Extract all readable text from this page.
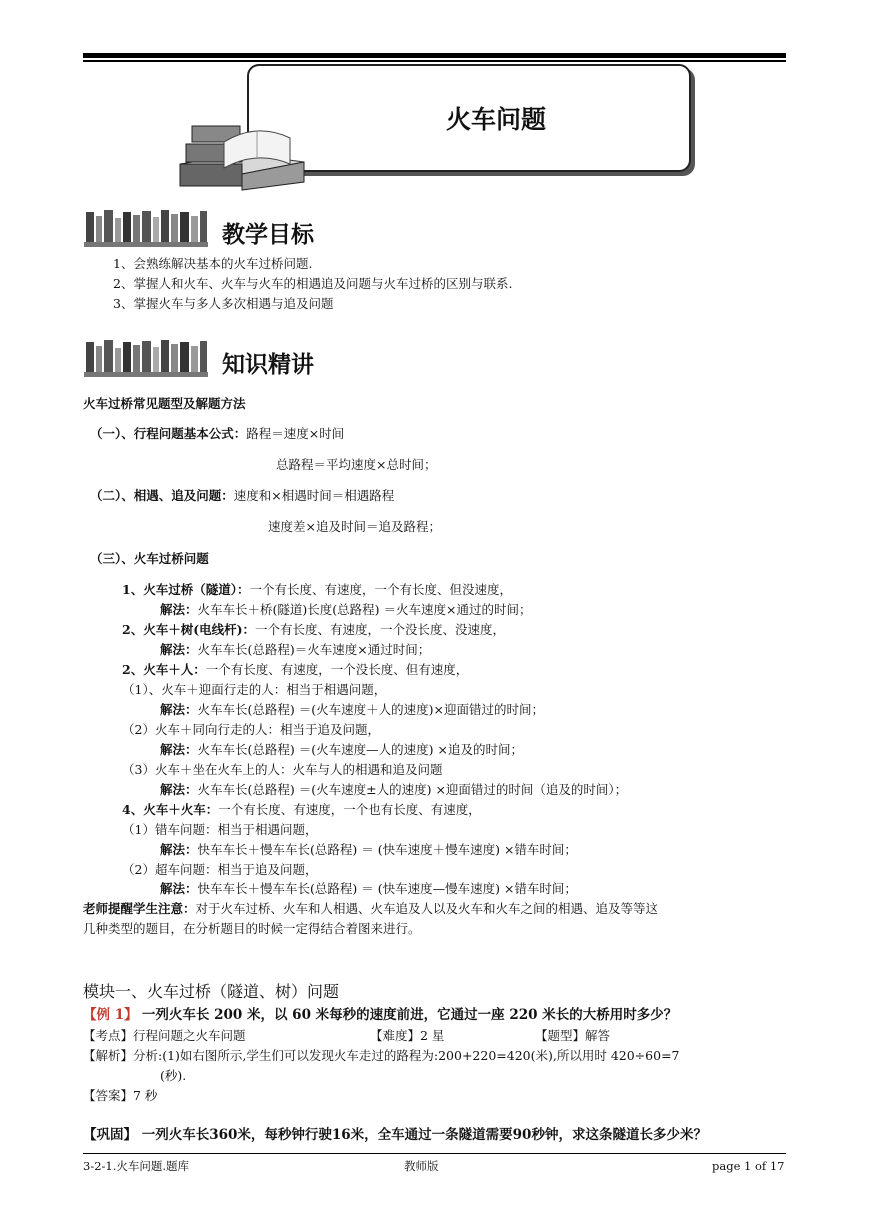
火车问题
教学目标
1、会熟练解决基本的火车过桥问题.
2、掌握人和火车、火车与火车的相遇追及问题与火车过桥的区别与联系.
3、掌握火车与多人多次相遇与追及问题
知识精讲
火车过桥常见题型及解题方法
（一）、行程问题基本公式：路程＝速度×时间
总路程＝平均速度×总时间；
（二）、相遇、追及问题：速度和×相遇时间＝相遇路程
速度差×追及时间＝追及路程；
（三）、火车过桥问题
1、火车过桥（隧道）：一个有长度、有速度，一个有长度、但没速度，
解法：火车车长＋桥(隧道)长度(总路程) ＝火车速度×通过的时间；
2、火车＋树(电线杆)：一个有长度、有速度，一个没长度、没速度，
解法：火车车长(总路程)＝火车速度×通过时间；
2、火车＋人：一个有长度、有速度，一个没长度、但有速度，
（1）、火车＋迎面行走的人：相当于相遇问题，
解法：火车车长(总路程) ＝(火车速度＋人的速度)×迎面错过的时间；
（2）火车＋同向行走的人：相当于追及问题，
解法：火车车长(总路程) ＝(火车速度—人的速度) ×追及的时间；
（3）火车＋坐在火车上的人：火车与人的相遇和追及问题
解法：火车车长(总路程) ＝(火车速度±人的速度) ×迎面错过的时间（追及的时间）；
4、火车＋火车：一个有长度、有速度，一个也有长度、有速度，
（1）错车问题：相当于相遇问题，
解法：快车车长＋慢车车长(总路程) ＝ (快车速度＋慢车速度) ×错车时间；
（2）超车问题：相当于追及问题，
解法：快车车长＋慢车车长(总路程) ＝ (快车速度—慢车速度) ×错车时间；
老师提醒学生注意：对于火车过桥、火车和人相遇、火车追及人以及火车和火车之间的相遇、追及等等这
几种类型的题目，在分析题目的时候一定得结合着图来进行。
模块一、火车过桥（隧道、树）问题
【例 1】 一列火车长 200 米，以 60 米每秒的速度前进，它通过一座 220 米长的大桥用时多少？
【考点】行程问题之火车问题	【难度】2 星	【题型】解答
【解析】分析:(1)如右图所示,学生们可以发现火车走过的路程为:200+220=420(米),所以用时 420÷60=7
(秒).
【答案】7 秒
【巩固】 一列火车长360米，每秒钟行驶16米，全车通过一条隧道需要90秒钟，求这条隧道长多少米？
3-2-1.火车问题.题库	教师版	page 1 of 17
